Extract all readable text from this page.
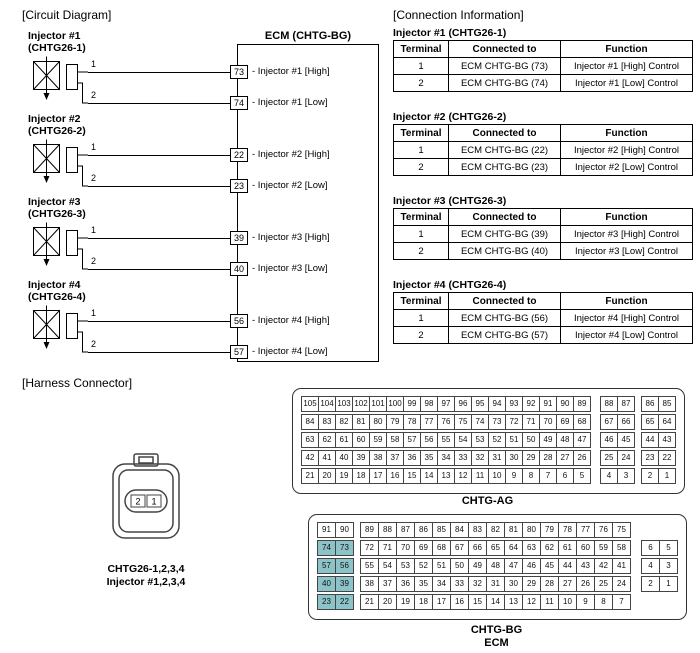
[Circuit Diagram]	[Connection Information]
[Harness Connector]
ECM (CHTG-BG)
Injector #1
(CHTG26-1)
1
2
73 - Injector #1 [High]
74 - Injector #1 [Low]
Injector #2
(CHTG26-2)
1
2
22 - Injector #2 [High]
23 - Injector #2 [Low]
Injector #3
(CHTG26-3)
1
2
39 - Injector #3 [High]
40 - Injector #3 [Low]
Injector #4
(CHTG26-4)
1
2
56 - Injector #4 [High]
57 - Injector #4 [Low]
Injector #1 (CHTG26-1)
Terminal	Connected to	Function
1	ECM CHTG-BG (73)	Injector #1 [High] Control
2	ECM CHTG-BG (74)	Injector #1 [Low] Control
Injector #2 (CHTG26-2)
Terminal	Connected to	Function
1	ECM CHTG-BG (22)	Injector #2 [High] Control
2	ECM CHTG-BG (23)	Injector #2 [Low] Control
Injector #3 (CHTG26-3)
Terminal	Connected to	Function
1	ECM CHTG-BG (39)	Injector #3 [High] Control
2	ECM CHTG-BG (40)	Injector #3 [Low] Control
Injector #4 (CHTG26-4)
Terminal	Connected to	Function
1	ECM CHTG-BG (56)	Injector #4 [High] Control
2	ECM CHTG-BG (57)	Injector #4 [Low] Control
2 1
CHTG26-1,2,3,4
Injector #1,2,3,4
105 104 103 102 101 100 99	98	97	96	95	94	93	92	91	90	89	88	87	86	85
84	83	82	81	80	79	78	77	76	75	74	73	72	71	70	69	68	67	66	65	64
63	62	61	60	59	58	57	56	55	54	53	52	51	50	49	48	47	46	45	44	43
42	41	40	39	38	37	36	35	34	33	32	31	30	29	28	27	26	25	24	23	22
21	20	19	18	17	16	15	14	13	12	11	10	9	8	7	6	5	4	3	2	1
CHTG-AG
91	90	89	88	87	86	85	84	83	82	81	80	79	78	77	76	75
74	73	72	71	70	69	68	67	66	65	64	63	62	61	60	59	58	6	5
57	56	55	54	53	52	51	50	49	48	47	46	45	44	43	42	41	4	3
40	39	38	37	36	35	34	33	32	31	30	29	28	27	26	25	24	2	1
23	22	21	20	19	18	17	16	15	14	13	12	11	10	9	8	7
CHTG-BG
ECM
